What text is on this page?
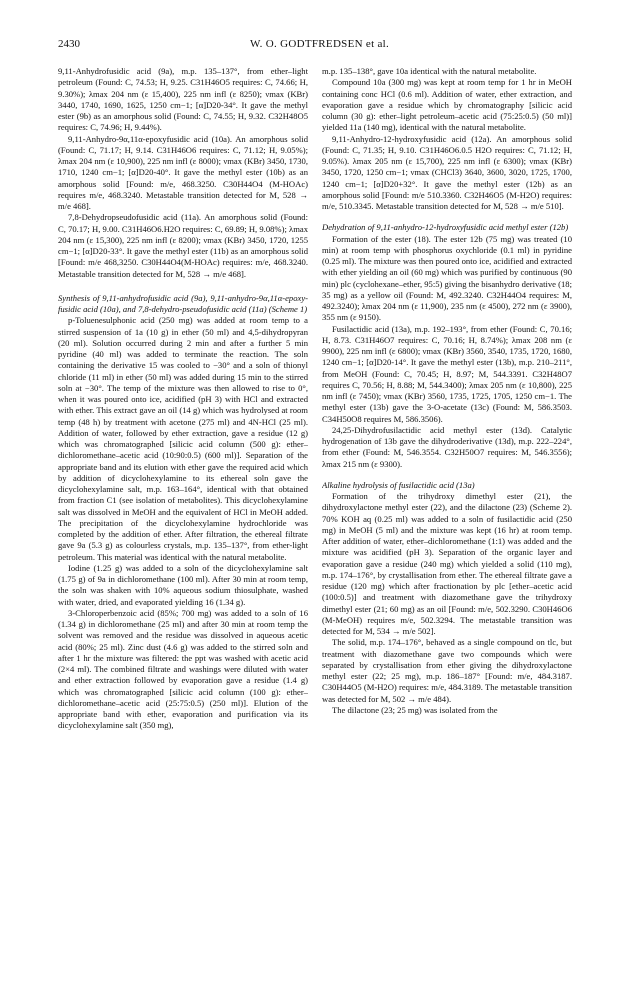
2430	W. O. GODTFREDSEN et al.

9,11-Anhydrofusidic acid (9a), m.p. 135–137°, from ether–light petroleum (Found: C, 74.53; H, 9.25. C31H46O5 requires: C, 74.66; H, 9.30%); λmax 204 nm (ε 15,400), 225 nm infl (ε 8250); νmax (KBr) 3440, 1740, 1690, 1625, 1250 cm−1; [α]D20-34°. It gave the methyl ester (9b) as an amorphous solid (Found: C, 74.55; H, 9.32. C32H48O5 requires: C, 74.96; H, 9.44%).

9,11-Anhydro-9α,11α-epoxyfusidic acid (10a). An amorphous solid (Found: C, 71.17; H, 9.14. C31H46O6 requires: C, 71.12; H, 9.05%); λmax 204 nm (ε 10,900), 225 nm infl (ε 8000); νmax (KBr) 3450, 1730, 1710, 1240 cm−1; [α]D20-40°. It gave the methyl ester (10b) as an amorphous solid [Found: m/e, 468.3250. C30H44O4 (M-HOAc) requires m/e, 468.3240. Metastable transition detected for M, 528 → m/e 468].

7,8-Dehydropseudofusidic acid (11a). An amorphous solid (Found: C, 70.17; H, 9.00. C31H46O6.H2O requires: C, 69.89; H, 9.08%); λmax 204 nm (ε 15,300), 225 nm infl (ε 8200); νmax (KBr) 3450, 1720, 1255 cm−1; [α]D20-33°. It gave the methyl ester (11b) as an amorphous solid [Found: m/e 468,3250. C30H44O4(M-HOAc) requires: m/e, 468.3240. Metastable transition detected for M, 528 → m/e 468].

Synthesis of 9,11-anhydrofusidic acid (9a), 9,11-anhydro-9α,11α-epoxy-fusidic acid (10a), and 7,8-dehydro-pseudofusidic acid (11a) (Scheme 1)

p-Toluenesulphonic acid (250 mg) was added at room temp to a stirred suspension of 1a (10 g) in ether (50 ml) and 4,5-dihydropyran (20 ml). Solution occurred during 2 min and after a further 5 min pyridine (40 ml) was added to terminate the reaction. The soln containing the derivative 15 was cooled to −30° and a soln of thionyl chloride (11 ml) in ether (50 ml) was added during 15 min to the stirred soln at −30°. The temp of the mixture was then allowed to rise to 0°, when it was poured onto ice, acidified (pH 3) with HCl and extracted with ether. This extract gave an oil (14 g) which was hydrolysed at room temp (48 h) by treatment with acetone (275 ml) and 4N-HCl (25 ml). Addition of water, followed by ether extraction, gave a residue (12 g) which was chromatographed [silicic acid column (500 g): ether–dichloromethane–acetic acid (10:90:0.5) (600 ml)]. Separation of the appropriate band and its elution with ether gave the required acid which by addition of dicyclohexylamine to its ethereal soln gave the dicyclohexylamine salt, m.p. 163–164°, identical with that obtained from fraction C1 (see isolation of metabolites). This dicyclohexylamine salt was dissolved in MeOH and the equivalent of HCl in MeOH added. The precipitation of the dicyclohexylamine hydrochloride was completed by the addition of ether. After filtration, the ethereal filtrate gave 9a (5.3 g) as colourless crystals, m.p. 135–137°, from ether-light petroleum. This material was identical with the natural metabolite.

Iodine (1.25 g) was added to a soln of the dicyclohexylamine salt (1.75 g) of 9a in dichloromethane (100 ml). After 30 min at room temp, the soln was shaken with 10% aqueous sodium thiosulphate, washed with water, dried, and evaporated yielding 16 (1.34 g).

3-Chloroperbenzoic acid (85%; 700 mg) was added to a soln of 16 (1.34 g) in dichloromethane (25 ml) and after 30 min at room temp the solvent was removed and the residue was dissolved in aqueous acetic acid (80%; 25 ml). Zinc dust (4.6 g) was added to the stirred soln and after 1 hr the mixture was filtered: the ppt was washed with acetic acid (2×4 ml). The combined filtrate and washings were diluted with water and ether extraction followed by evaporation gave a residue (1.4 g) which was chromatographed [silicic acid column (100 g): ether–dichloromethane–acetic acid (25:75:0.5) (250 ml)]. Elution of the appropriate band with ether, evaporation and purification via its dicyclohexylamine salt (350 mg),

m.p. 135–138°, gave 10a identical with the natural metabolite.

Compound 10a (300 mg) was kept at room temp for 1 hr in MeOH containing conc HCl (0.6 ml). Addition of water, ether extraction, and evaporation gave a residue which by chromatography [silicic acid column (30 g): ether–light petroleum–acetic acid (75:25:0.5) (50 ml)] yielded 11a (140 mg), identical with the natural metabolite.

9,11-Anhydro-12-hydroxyfusidic acid (12a). An amorphous solid (Found: C, 71.35; H, 9.10. C31H46O6.0.5 H2O requires: C, 71.12; H, 9.05%). λmax 205 nm (ε 15,700), 225 nm infl (ε 6300); νmax (KBr) 3450, 1720, 1250 cm−1; νmax (CHCl3) 3640, 3600, 3020, 1725, 1700, 1240 cm−1; [α]D20+32°. It gave the methyl ester (12b) as an amorphous solid [Found: m/e 510.3360. C32H46O5 (M-H2O) requires: m/e, 510.3345. Metastable transition detected for M, 528 → m/e 510].

Dehydration of 9,11-anhydro-12-hydroxyfusidic acid methyl ester (12b)

Formation of the ester (18). The ester 12b (75 mg) was treated (10 min) at room temp with phosphorus oxychloride (0.1 ml) in pyridine (0.25 ml). The mixture was then poured onto ice, acidified and extracted with ether yielding an oil (60 mg) which was purified by continuous (90 min) plc (cyclohexane–ether, 95:5) giving the bisanhydro derivative (18; 35 mg) as a yellow oil (Found: M, 492.3240. C32H44O4 requires: M, 492.3240); λmax 204 nm (ε 11,900), 235 nm (ε 4500), 272 nm (ε 3900), 355 nm (ε 9150).

Fusilactidic acid (13a), m.p. 192–193°, from ether (Found: C, 70.16; H, 8.73. C31H46O7 requires: C, 70.16; H, 8.74%); λmax 208 nm (ε 9900), 225 nm infl (ε 6800); νmax (KBr) 3560, 3540, 1735, 1720, 1680, 1240 cm−1; [α]D20-14°. It gave the methyl ester (13b), m.p. 210–211°, from MeOH (Found: C, 70.45; H, 8.97; M, 544.3391. C32H48O7 requires C, 70.56; H, 8.88; M, 544.3400); λmax 205 nm (ε 10,800), 225 nm infl (ε 7450); νmax (KBr) 3560, 1735, 1725, 1705, 1250 cm−1. The methyl ester (13b) gave the 3-O-acetate (13c) (Found: M, 586.3503. C34H50O8 requires M, 586.3506).

24,25-Dihydrofusilactidic acid methyl ester (13d). Catalytic hydrogenation of 13b gave the dihydroderivative (13d), m.p. 222–224°, from ether (Found: M, 546.3554. C32H50O7 requires: M, 546.3556); λmax 215 nm (ε 9300).

Alkaline hydrolysis of fusilactidic acid (13a)

Formation of the trihydroxy dimethyl ester (21), the dihydroxylactone methyl ester (22), and the dilactone (23) (Scheme 2). 70% KOH aq (0.25 ml) was added to a soln of fusilactidic acid (250 mg) in MeOH (5 ml) and the mixture was kept (16 hr) at room temp. After addition of water, ether–dichloromethane (1:1) was added and the mixture was acidified (pH 3). Separation of the organic layer and evaporation gave a residue (240 mg) which yielded a solid (110 mg), m.p. 174–176°, by crystallisation from ether. The ethereal filtrate gave a residue (120 mg) which after fractionation by plc [ether–acetic acid (100:0.5)] and treatment with diazomethane gave the trihydroxy dimethyl ester (21; 60 mg) as an oil [Found: m/e, 502.3290. C30H46O6 (M-MeOH) requires m/e, 502.3294. The metastable transition was detected for M, 534 → m/e 502].

The solid, m.p. 174–176°, behaved as a single compound on tlc, but treatment with diazomethane gave two compounds which were separated by crystallisation from ether giving the dihydroxylactone methyl ester (22; 25 mg), m.p. 186–187° [Found: m/e, 484.3187. C30H44O5 (M-H2O) requires: m/e, 484.3189. The metastable transition was detected for M, 502 → m/e 484).

The dilactone (23; 25 mg) was isolated from the
